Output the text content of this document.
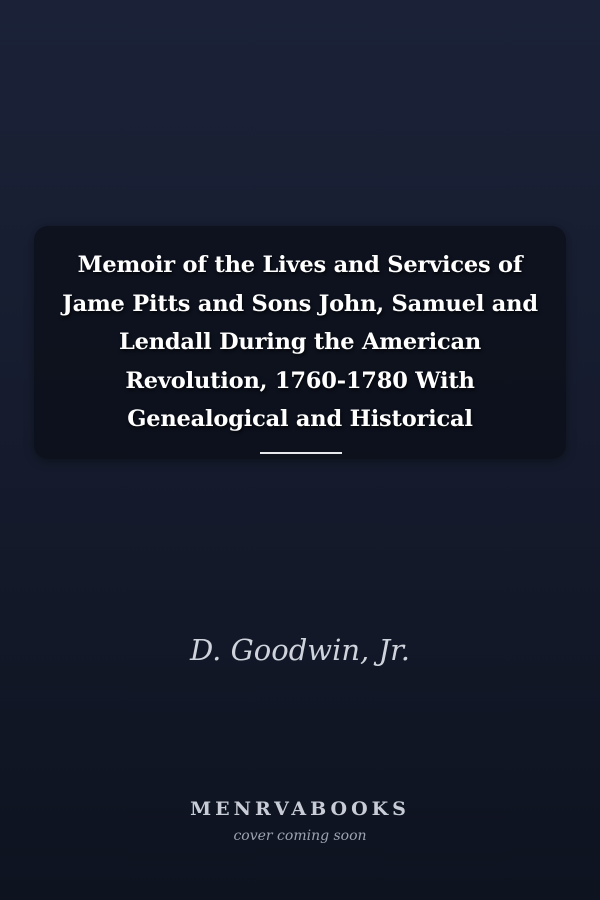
Memoir of the Lives and Services of Jame Pitts and Sons John, Samuel and Lendall During the American Revolution, 1760-1780 With Genealogical and Historical
D. Goodwin, Jr.
MENRVABOOKS
cover coming soon
